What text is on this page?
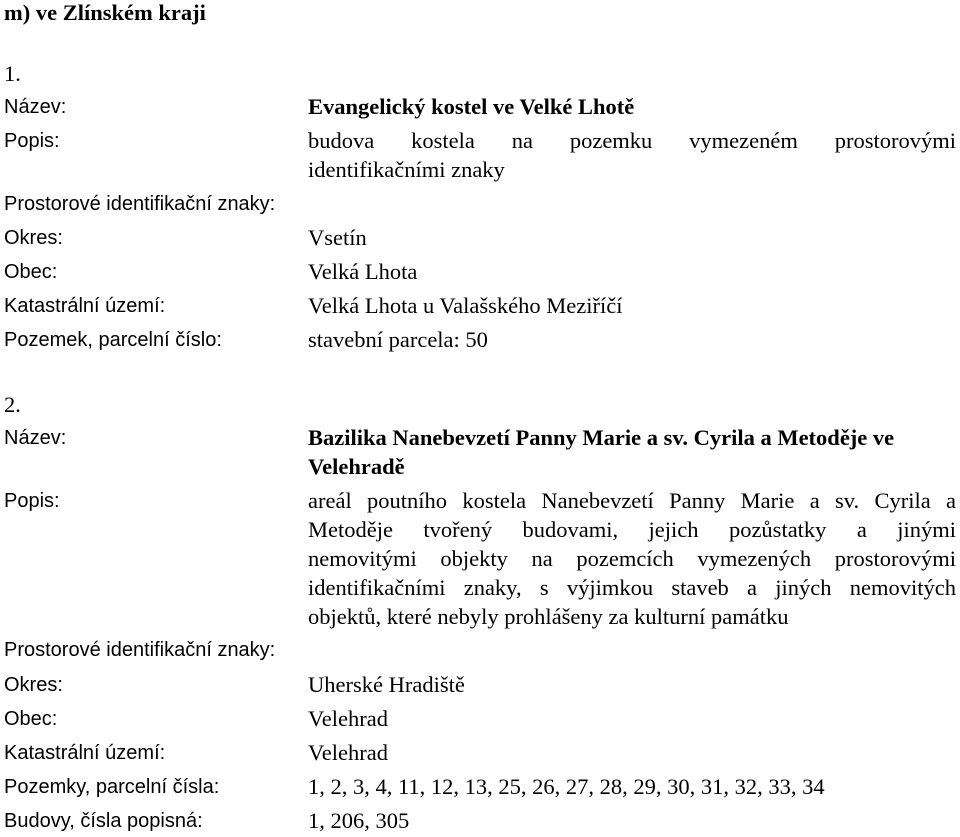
m) ve Zlínském kraji
1.
Název:	Evangelický kostel ve Velké Lhotě
Popis:	budova kostela na pozemku vymezeném prostorovými
identifikačními znaky
Prostorové identifikační znaky:
Okres:	Vsetín
Obec:	Velká Lhota
Katastrální území:	Velká Lhota u Valašského Meziříčí
Pozemek, parcelní číslo:	stavební parcela: 50
2.
Název:	Bazilika Nanebevzetí Panny Marie a sv. Cyrila a Metoděje ve
Velehradě
Popis:	areál poutního kostela Nanebevzetí Panny Marie a sv. Cyrila a
Metoděje tvořený budovami, jejich pozůstatky a jinými
nemovitými objekty na pozemcích vymezených prostorovými
identifikačními znaky, s výjimkou staveb a jiných nemovitých
objektů, které nebyly prohlášeny za kulturní památku
Prostorové identifikační znaky:
Okres:	Uherské Hradiště
Obec:	Velehrad
Katastrální území:	Velehrad
Pozemky, parcelní čísla:	1, 2, 3, 4, 11, 12, 13, 25, 26, 27, 28, 29, 30, 31, 32, 33, 34
Budovy, čísla popisná:	1, 206, 305
